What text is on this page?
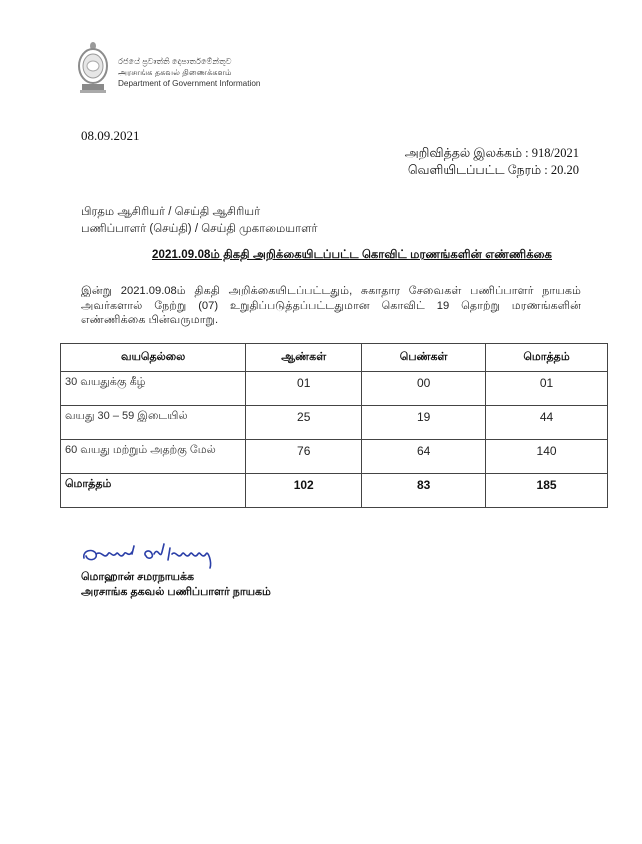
රජයේ ප්‍රවෘත්ති දෙපාර්තමේන්තුව
அரசாங்க தகவல் திணைக்களம்
Department of Government Information
08.09.2021
அறிவித்தல் இலக்கம் : 918/2021
வெளியிடப்பட்ட நேரம் : 20.20
பிரதம ஆசிரியர் / செய்தி ஆசிரியர்
பணிப்பாளர் (செய்தி) / செய்தி முகாமையாளர்
2021.09.08ம் திகதி அறிக்கையிடப்பட்ட கொவிட் மரணங்களின் எண்ணிக்கை
இன்று 2021.09.08ம் திகதி அறிக்கையிடப்பட்டதும், சுகாதார சேவைகள் பணிப்பாளர் நாயகம் அவர்களால் நேற்று (07) உறுதிப்படுத்தப்பட்டதுமான கொவிட் 19 தொற்று மரணங்களின் எண்ணிக்கை பின்வருமாறு.
வயதெல்லை	ஆண்கள்	பெண்கள்	மொத்தம்
30 வயதுக்கு கீழ்	01	00	01
வயது 30 – 59 இடையில்	25	19	44
60 வயது மற்றும் அதற்கு மேல்	76	64	140
மொத்தம்	102	83	185
மொஹான் சமரநாயக்க
அரசாங்க தகவல் பணிப்பாளர் நாயகம்
